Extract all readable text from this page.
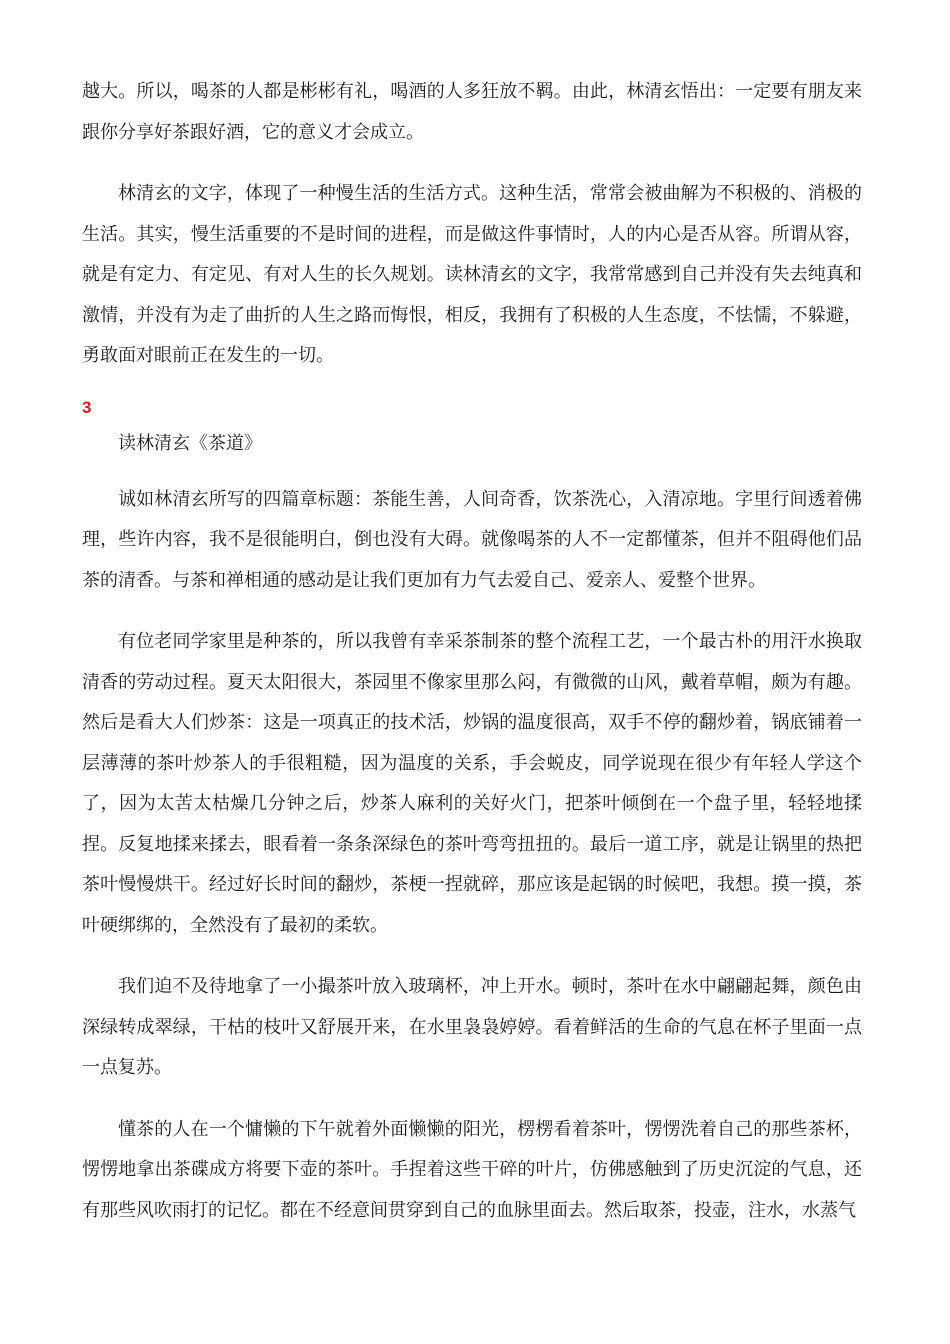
越大。所以，喝茶的人都是彬彬有礼，喝酒的人多狂放不羁。由此，林清玄悟出：一定要有朋友来跟你分享好茶跟好酒，它的意义才会成立。

林清玄的文字，体现了一种慢生活的生活方式。这种生活，常常会被曲解为不积极的、消极的生活。其实，慢生活重要的不是时间的进程，而是做这件事情时，人的内心是否从容。所谓从容，就是有定力、有定见、有对人生的长久规划。读林清玄的文字，我常常感到自己并没有失去纯真和激情，并没有为走了曲折的人生之路而悔恨，相反，我拥有了积极的人生态度，不怯懦，不躲避，勇敢面对眼前正在发生的一切。

3
读林清玄《茶道》

诚如林清玄所写的四篇章标题：茶能生善，人间奇香，饮茶洗心，入清凉地。字里行间透着佛理，些许内容，我不是很能明白，倒也没有大碍。就像喝茶的人不一定都懂茶，但并不阻碍他们品茶的清香。与茶和禅相通的感动是让我们更加有力气去爱自己、爱亲人、爱整个世界。

有位老同学家里是种茶的，所以我曾有幸采茶制茶的整个流程工艺，一个最古朴的用汗水换取清香的劳动过程。夏天太阳很大，茶园里不像家里那么闷，有微微的山风，戴着草帽，颇为有趣。然后是看大人们炒茶：这是一项真正的技术活，炒锅的温度很高，双手不停的翻炒着，锅底铺着一层薄薄的茶叶炒茶人的手很粗糙，因为温度的关系，手会蜕皮，同学说现在很少有年轻人学这个了，因为太苦太枯燥几分钟之后，炒茶人麻利的关好火门，把茶叶倾倒在一个盘子里，轻轻地揉捏。反复地揉来揉去，眼看着一条条深绿色的茶叶弯弯扭扭的。最后一道工序，就是让锅里的热把茶叶慢慢烘干。经过好长时间的翻炒，茶梗一捏就碎，那应该是起锅的时候吧，我想。摸一摸，茶叶硬绑绑的，全然没有了最初的柔软。

我们迫不及待地拿了一小撮茶叶放入玻璃杯，冲上开水。顿时，茶叶在水中翩翩起舞，颜色由深绿转成翠绿，干枯的枝叶又舒展开来，在水里袅袅婷婷。看着鲜活的生命的气息在杯子里面一点一点复苏。

懂茶的人在一个慵懒的下午就着外面懒懒的阳光，楞楞看着茶叶，愣愣洗着自己的那些茶杯，愣愣地拿出茶碟成方将要下壶的茶叶。手捏着这些干碎的叶片，仿佛感触到了历史沉淀的气息，还有那些风吹雨打的记忆。都在不经意间贯穿到自己的血脉里面去。然后取茶，投壶，注水，水蒸气
